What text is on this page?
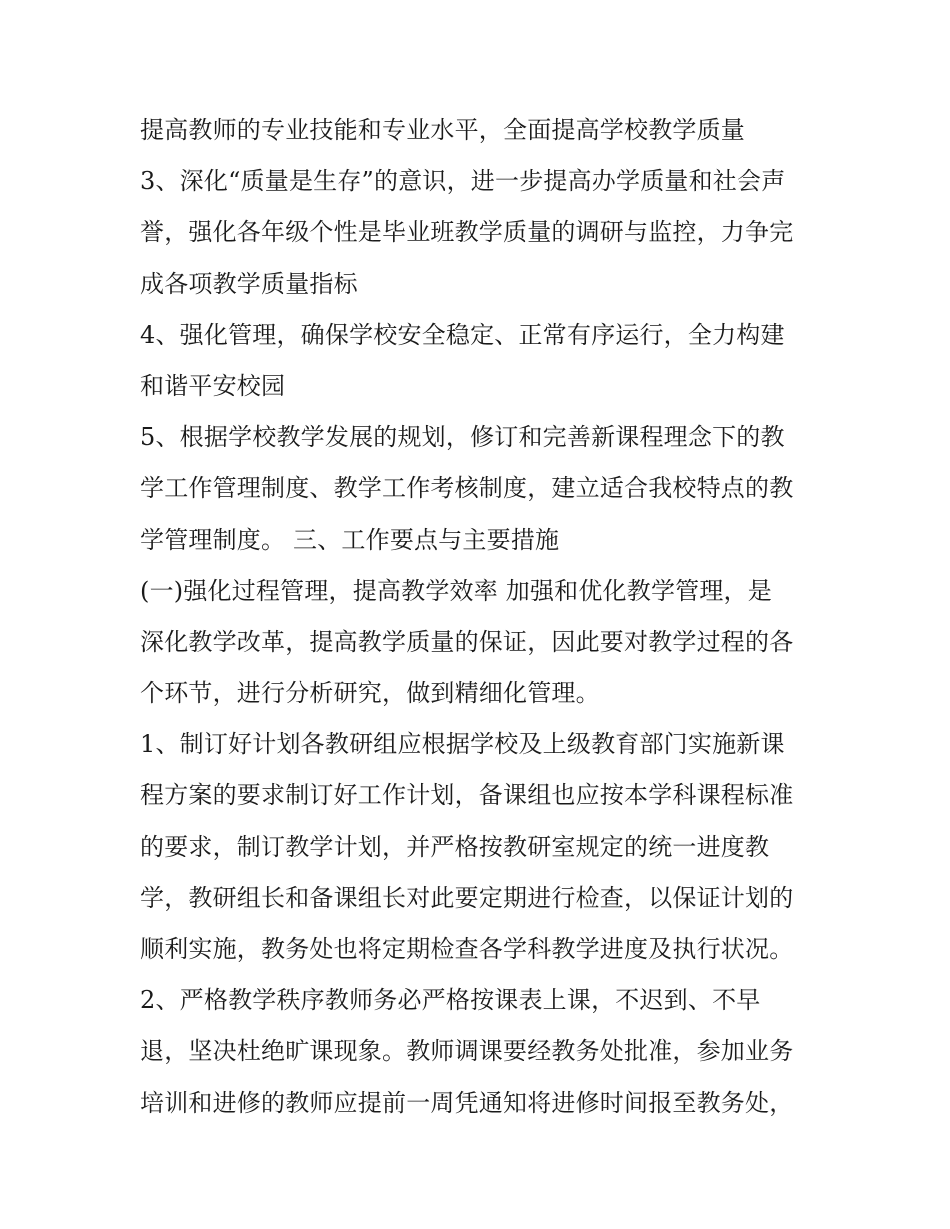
提高教师的专业技能和专业水平，全面提高学校教学质量
3、深化“质量是生存”的意识，进一步提高办学质量和社会声
誉，强化各年级个性是毕业班教学质量的调研与监控，力争完
成各项教学质量指标
4、强化管理，确保学校安全稳定、正常有序运行，全力构建
和谐平安校园
5、根据学校教学发展的规划，修订和完善新课程理念下的教
学工作管理制度、教学工作考核制度，建立适合我校特点的教
学管理制度。 三、工作要点与主要措施
(一)强化过程管理，提高教学效率 加强和优化教学管理，是
深化教学改革，提高教学质量的保证，因此要对教学过程的各
个环节，进行分析研究，做到精细化管理。
1、制订好计划各教研组应根据学校及上级教育部门实施新课
程方案的要求制订好工作计划，备课组也应按本学科课程标准
的要求，制订教学计划，并严格按教研室规定的统一进度教
学，教研组长和备课组长对此要定期进行检查，以保证计划的
顺利实施，教务处也将定期检查各学科教学进度及执行状况。
2、严格教学秩序教师务必严格按课表上课，不迟到、不早
退，坚决杜绝旷课现象。教师调课要经教务处批准，参加业务
培训和进修的教师应提前一周凭通知将进修时间报至教务处，
